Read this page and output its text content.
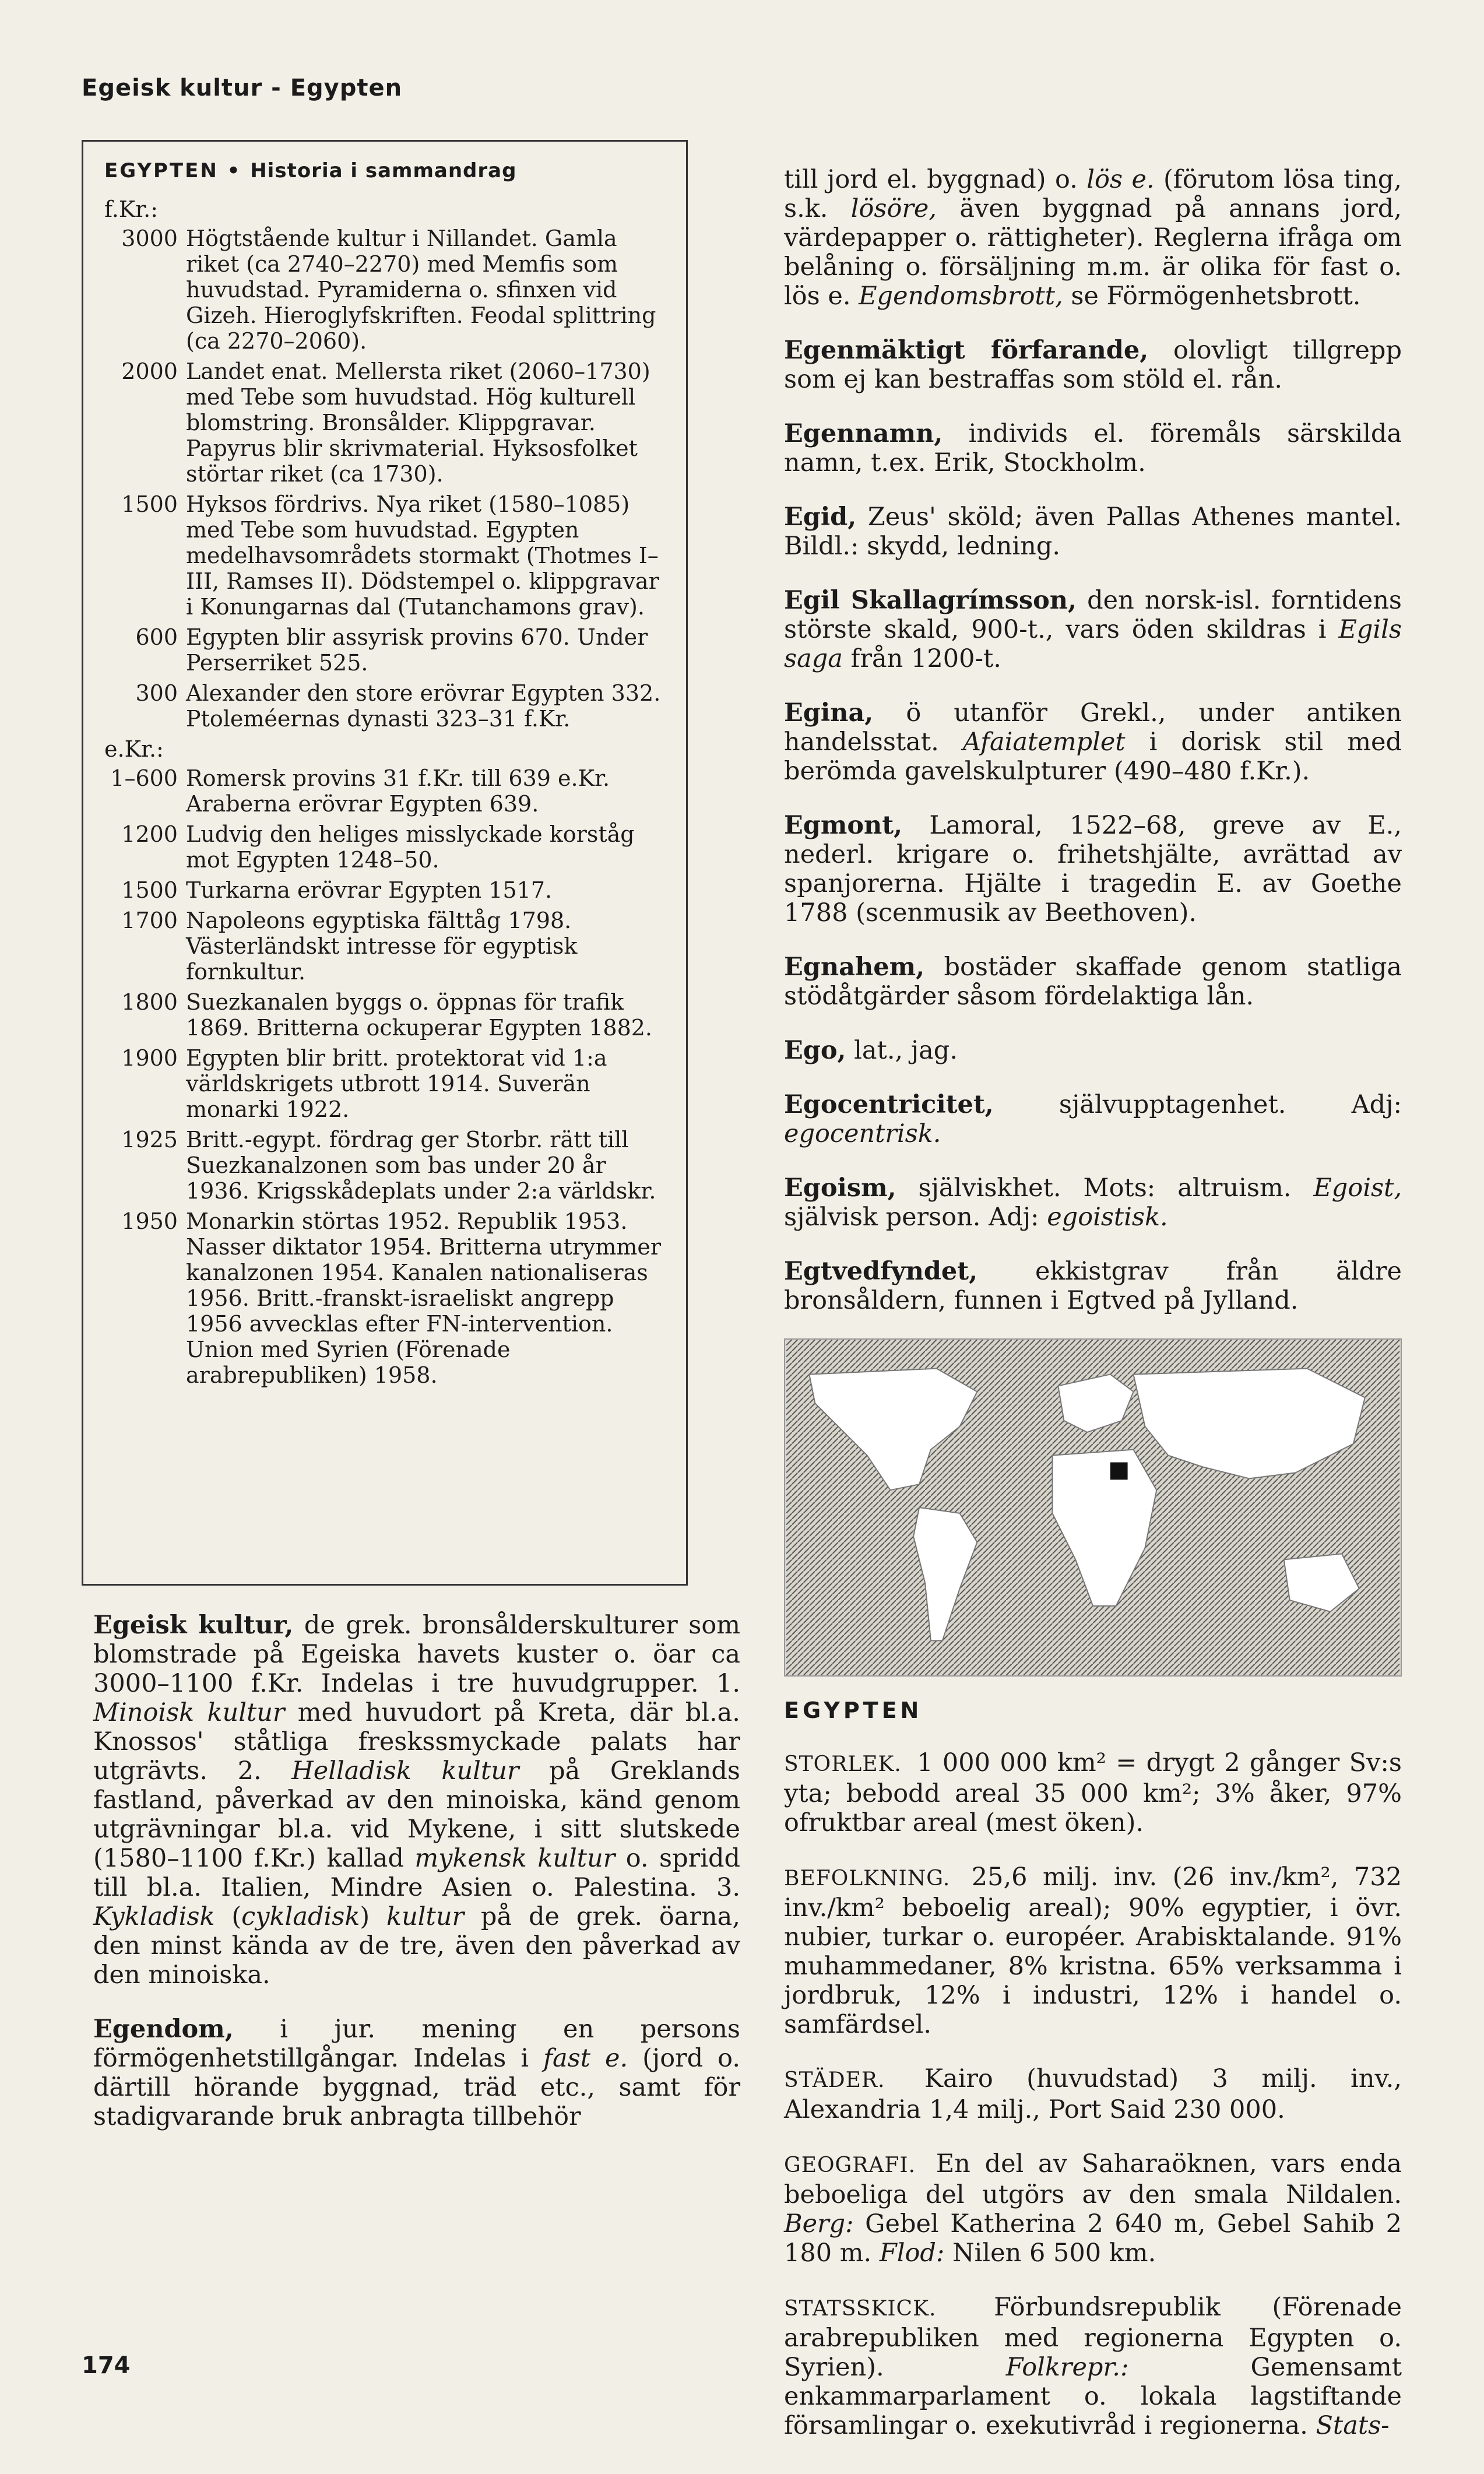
Egeisk kultur - Egypten
EGYPTEN • Historia i sammandrag
f.Kr.:
3000 Högtstående kultur i Nillandet. Gamla riket (ca 2740–2270) med Memfis som huvudstad. Pyramiderna o. sfinxen vid Gizeh. Hieroglyfskriften. Feodal splittring (ca 2270–2060).
2000 Landet enat. Mellersta riket (2060–1730) med Tebe som huvudstad. Hög kulturell blomstring. Bronsålder. Klippgravar. Papyrus blir skrivmaterial. Hyksosfolket störtar riket (ca 1730).
1500 Hyksos fördrivs. Nya riket (1580–1085) med Tebe som huvudstad. Egypten medelhavsområdets stormakt (Thotmes I–III, Ramses II). Dödstempel o. klippgravar i Konungarnas dal (Tutanchamons grav).
600 Egypten blir assyrisk provins 670. Under Perserriket 525.
300 Alexander den store erövrar Egypten 332. Ptoleméernas dynasti 323–31 f.Kr.
e.Kr.:
1–600 Romersk provins 31 f.Kr. till 639 e.Kr. Araberna erövrar Egypten 639.
1200 Ludvig den heliges misslyckade korståg mot Egypten 1248–50.
1500 Turkarna erövrar Egypten 1517.
1700 Napoleons egyptiska fälttåg 1798. Västerländskt intresse för egyptisk fornkultur.
1800 Suezkanalen byggs o. öppnas för trafik 1869. Britterna ockuperar Egypten 1882.
1900 Egypten blir britt. protektorat vid 1:a världskrigets utbrott 1914. Suverän monarki 1922.
1925 Britt.-egypt. fördrag ger Storbr. rätt till Suezkanalzonen som bas under 20 år 1936. Krigsskådeplats under 2:a världskr.
1950 Monarkin störtas 1952. Republik 1953. Nasser diktator 1954. Britterna utrymmer kanalzonen 1954. Kanalen nationaliseras 1956. Britt.-franskt-israeliskt angrepp 1956 avvecklas efter FN-intervention. Union med Syrien (Förenade arabrepubliken) 1958.

Egeisk kultur, de grek. bronsålderskulturer som blomstrade på Egeiska havets kuster o. öar ca 3000–1100 f.Kr. Indelas i tre huvudgrupper. 1. Minoisk kultur med huvudort på Kreta, där bl.a. Knossos' ståtliga freskssmyckade palats har utgrävts. 2. Helladisk kultur på Greklands fastland, påverkad av den minoiska, känd genom utgrävningar bl.a. vid Mykene, i sitt slutskede (1580–1100 f.Kr.) kallad mykensk kultur o. spridd till bl.a. Italien, Mindre Asien o. Palestina. 3. Kykladisk (cykladisk) kultur på de grek. öarna, den minst kända av de tre, även den påverkad av den minoiska.

Egendom, i jur. mening en persons förmögenhetstillgångar. Indelas i fast e. (jord o. därtill hörande byggnad, träd etc., samt för stadigvarande bruk anbragta tillbehör

till jord el. byggnad) o. lös e. (förutom lösa ting, s.k. lösöre, även byggnad på annans jord, värdepapper o. rättigheter). Reglerna ifråga om belåning o. försäljning m.m. är olika för fast o. lös e. Egendomsbrott, se Förmögenhetsbrott.

Egenmäktigt förfarande, olovligt tillgrepp som ej kan bestraffas som stöld el. rån.

Egennamn, individs el. föremåls särskilda namn, t.ex. Erik, Stockholm.

Egid, Zeus' sköld; även Pallas Athenes mantel. Bildl.: skydd, ledning.

Egil Skallagrímsson, den norsk-isl. forntidens störste skald, 900-t., vars öden skildras i Egils saga från 1200-t.

Egina, ö utanför Grekl., under antiken handelsstat. Afaiatemplet i dorisk stil med berömda gavelskulpturer (490–480 f.Kr.).

Egmont, Lamoral, 1522–68, greve av E., nederl. krigare o. frihetshjälte, avrättad av spanjorerna. Hjälte i tragedin E. av Goethe 1788 (scenmusik av Beethoven).

Egnahem, bostäder skaffade genom statliga stödåtgärder såsom fördelaktiga lån.

Ego, lat., jag.

Egocentricitet, självupptagenhet. Adj: egocentrisk.

Egoism, själviskhet. Mots: altruism. Egoist, självisk person. Adj: egoistisk.

Egtvedfyndet, ekkistgrav från äldre bronsåldern, funnen i Egtved på Jylland.

EGYPTEN

STORLEK. 1 000 000 km² = drygt 2 gånger Sv:s yta; bebodd areal 35 000 km²; 3% åker, 97% ofruktbar areal (mest öken).

BEFOLKNING. 25,6 milj. inv. (26 inv./km², 732 inv./km² beboelig areal); 90% egyptier, i övr. nubier, turkar o. européer. Arabisktalande. 91% muhammedaner, 8% kristna. 65% verksamma i jordbruk, 12% i industri, 12% i handel o. samfärdsel.

STÄDER. Kairo (huvudstad) 3 milj. inv., Alexandria 1,4 milj., Port Said 230 000.

GEOGRAFI. En del av Saharaöknen, vars enda beboeliga del utgörs av den smala Nildalen. Berg: Gebel Katherina 2 640 m, Gebel Sahib 2 180 m. Flod: Nilen 6 500 km.

STATSSKICK. Förbundsrepublik (Förenade arabrepubliken med regionerna Egypten o. Syrien). Folkrepr.: Gemensamt enkammarparlament o. lokala lagstiftande församlingar o. exekutivråd i regionerna. Stats-

174
